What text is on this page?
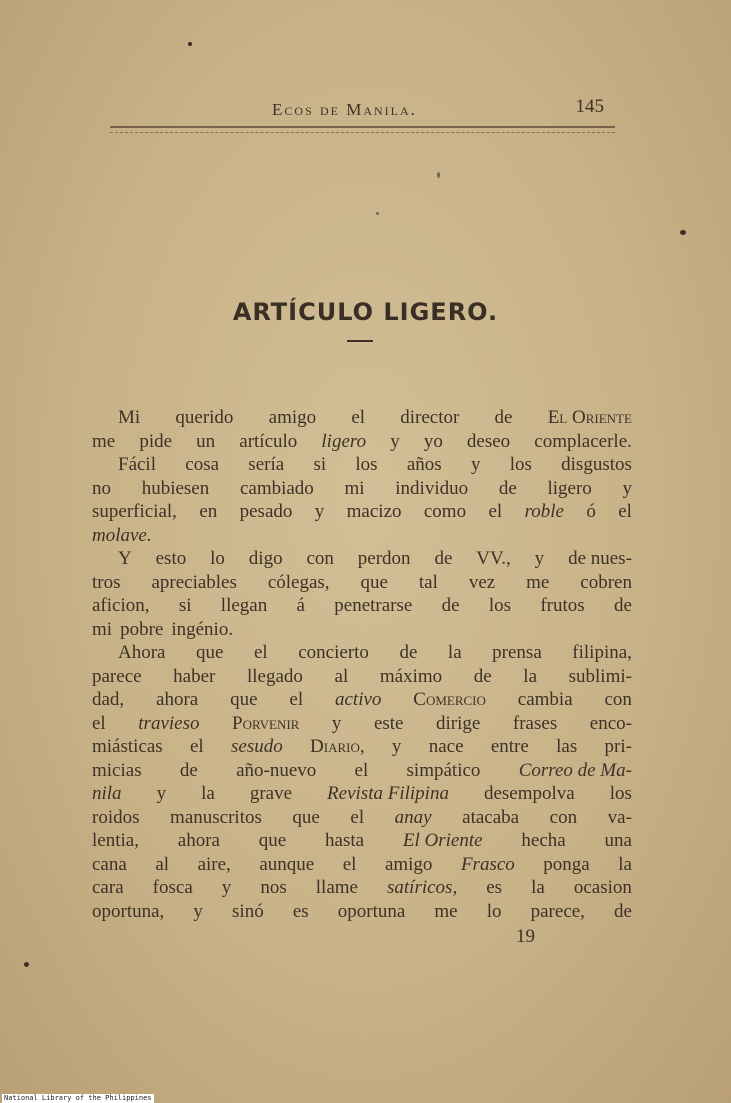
Ecos de Manila.	145
ARTÍCULO LIGERO.
Mi querido amigo el director de El Oriente
me pide un artículo ligero y yo deseo complacerle.
Fácil cosa sería si los años y los disgustos
no hubiesen cambiado mi individuo de ligero y
superficial, en pesado y macizo como el roble ó el
molave.
Y esto lo digo con perdon de VV., y de nues-
tros apreciables cólegas, que tal vez me cobren
aficion, si llegan á penetrarse de los frutos de
mi pobre ingénio.
Ahora que el concierto de la prensa filipina,
parece haber llegado al máximo de la sublimi-
dad, ahora que el activo Comercio cambia con
el travieso Porvenir y este dirige frases enco-
miásticas el sesudo Diario, y nace entre las pri-
micias de año-nuevo el simpático Correo de Ma-
nila y la grave Revista Filipina desempolva los
roidos manuscritos que el anay atacaba con va-
lentia, ahora que hasta El Oriente hecha una
cana al aire, aunque el amigo Frasco ponga la
cara fosca y nos llame satíricos, es la ocasion
oportuna, y sinó es oportuna me lo parece, de
19
National Library of the Philippines
